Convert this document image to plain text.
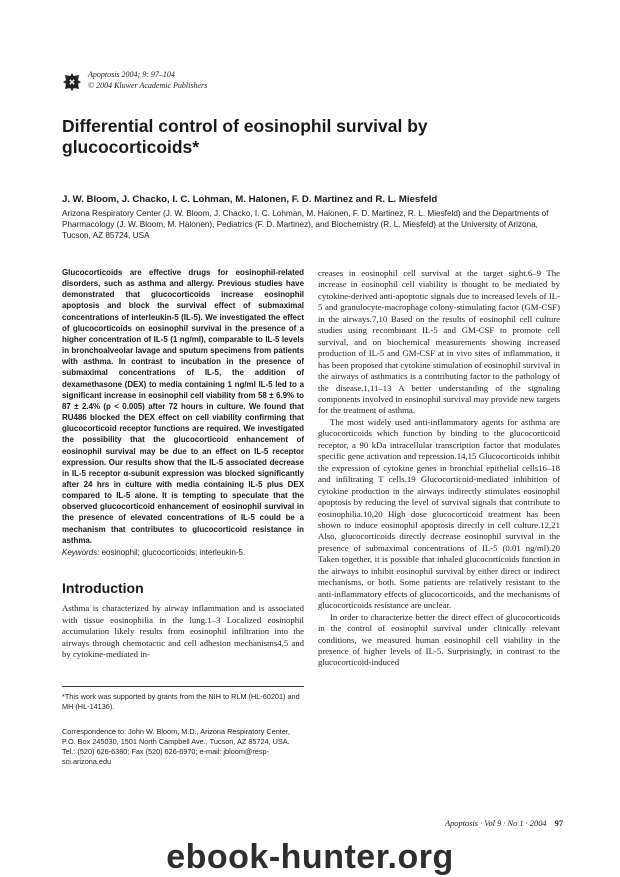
Apoptosis 2004; 9: 97–104
© 2004 Kluwer Academic Publishers
Differential control of eosinophil survival by glucocorticoids*
J. W. Bloom, J. Chacko, I. C. Lohman, M. Halonen, F. D. Martinez and R. L. Miesfeld
Arizona Respiratory Center (J. W. Bloom, J. Chacko, I. C. Lohman, M. Halonen, F. D. Martinez, R. L. Miesfeld) and the Departments of Pharmacology (J. W. Bloom, M. Halonen), Pediatrics (F. D. Martinez), and Biochemistry (R. L. Miesfeld) at the University of Arizona, Tucson, AZ 85724, USA
Glucocorticoids are effective drugs for eosinophil-related disorders, such as asthma and allergy. Previous studies have demonstrated that glucocorticoids increase eosinophil apoptosis and block the survival effect of submaximal concentrations of interleukin-5 (IL-5). We investigated the effect of glucocorticoids on eosinophil survival in the presence of a higher concentration of IL-5 (1 ng/ml), comparable to IL-5 levels in bronchoalveolar lavage and sputum specimens from patients with asthma. In contrast to incubation in the presence of submaximal concentrations of IL-5, the addition of dexamethasone (DEX) to media containing 1 ng/ml IL-5 led to a significant increase in eosinophil cell viability from 58 ± 6.9% to 87 ± 2.4% (p < 0.005) after 72 hours in culture. We found that RU486 blocked the DEX effect on cell viability confirming that glucocorticoid receptor functions are required. We investigated the possibility that the glucocorticoid enhancement of eosinophil survival may be due to an effect on IL-5 receptor expression. Our results show that the IL-5 associated decrease in IL-5 receptor α-subunit expression was blocked significantly after 24 hrs in culture with media containing IL-5 plus DEX compared to IL-5 alone. It is tempting to speculate that the observed glucocorticoid enhancement of eosinophil survival in the presence of elevated concentrations of IL-5 could be a mechanism that contributes to glucocorticoid resistance in asthma.
Keywords: eosinophil; glucocorticoids; interleukin-5.
Introduction
Asthma is characterized by airway inflammation and is associated with tissue eosinophilia in the lung.1–3 Localized eosinophil accumulation likely results from eosinophil infiltration into the airways through chemotactic and cell adhesion mechanisms4,5 and by cytokine-mediated in-
*This work was supported by grants from the NIH to RLM (HL-60201) and MH (HL-14136).
Correspondence to: John W. Bloom, M.D., Arizona Respiratory Center, P.O. Box 245030, 1501 North Campbell Ave., Tucson, AZ 85724, USA. Tel.: (520) 626-6380; Fax (520) 626-6970; e-mail: jbloom@resp-sci.arizona.edu

creases in eosinophil cell survival at the target sight.6–9 The increase in eosinophil cell viability is thought to be mediated by cytokine-derived anti-apoptotic signals due to increased levels of IL-5 and granulocyte-macrophage colony-stimulating factor (GM-CSF) in the airways.7,10 Based on the results of eosinophil cell culture studies using recombinant IL-5 and GM-CSF to promote cell survival, and on biochemical measurements showing increased production of IL-5 and GM-CSF at in vivo sites of inflammation, it has been proposed that cytokine stimulation of eosinophil survival in the airways of asthmatics is a contributing factor to the pathology of the disease.1,11–13 A better understanding of the signaling components involved in eosinophil survival may provide new targets for the treatment of asthma.

The most widely used anti-inflammatory agents for asthma are glucocorticoids which function by binding to the glucocorticoid receptor, a 90 kDa intracellular transcription factor that modulates specific gene activation and repression.14,15 Glucocorticoids inhibit the expression of cytokine genes in bronchial epithelial cells16–18 and infiltrating T cells.19 Glucocorticoid-mediated inhibition of cytokine production in the airways indirectly stimulates eosinophil apoptosis by reducing the level of survival signals that contribute to eosinophilia.10,20 High dose glucocorticoid treatment has been shown to induce eosinophil apoptosis directly in cell culture.12,21 Also, glucocorticoids directly decrease eosinophil survival in the presence of submaximal concentrations of IL-5 (0.01 ng/ml).20 Taken together, it is possible that inhaled glucocorticoids function in the airways to inhibit eosinophil survival by either direct or indirect mechanisms, or both. Some patients are relatively resistant to the anti-inflammatory effects of glucocorticoids, and the mechanisms of glucocorticoids resistance are unclear.

In order to characterize better the direct effect of glucocorticoids in the control of eosinophil survival under clinically relevant conditions, we measured human eosinophil cell viability in the presence of higher levels of IL-5. Surprisingly, in contrast to the glucocorticoid-induced

Apoptosis · Vol 9 · No 1 · 2004 97
ebook-hunter.org
